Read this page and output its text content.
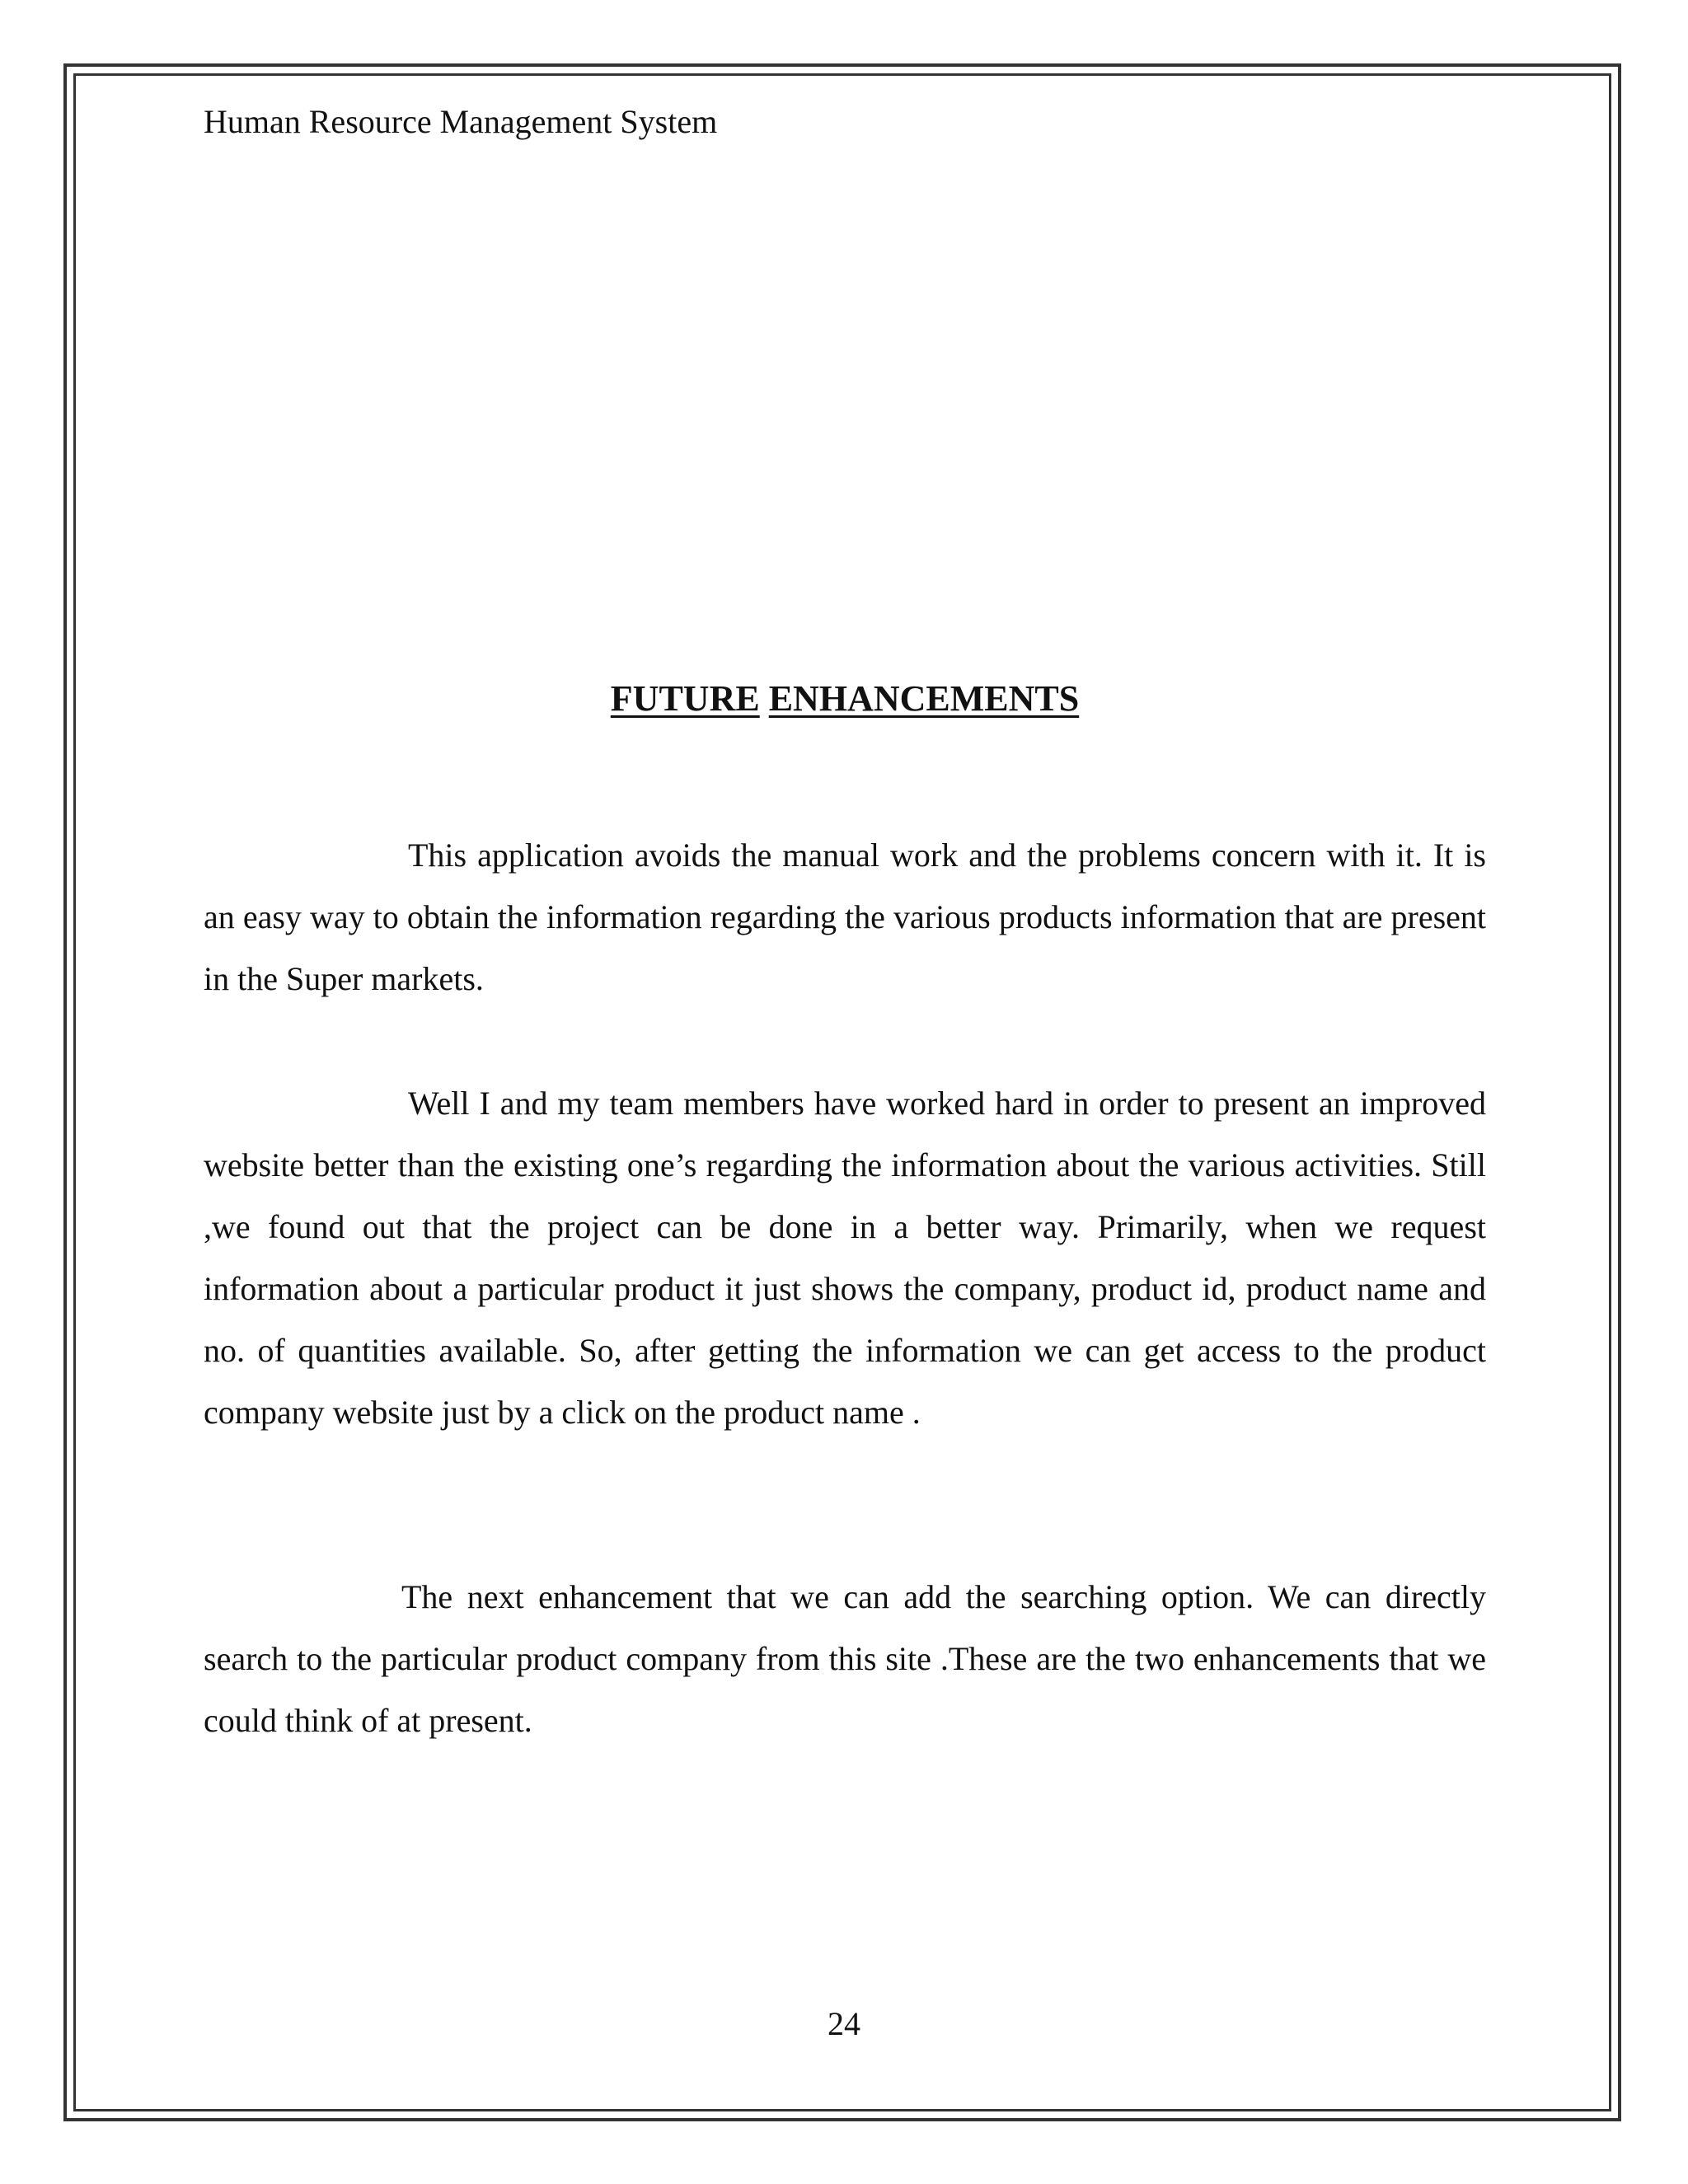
Human Resource Management System
FUTURE ENHANCEMENTS

This application avoids the manual work and the problems concern with it. It is an easy way to obtain the information regarding the various products information that are present in the Super markets.

Well I and my team members have worked hard in order to present an improved website better than the existing one’s regarding the information about the various activities. Still ,we found out that the project can be done in a better way. Primarily, when we request information about a particular product it just shows the company, product id, product name and no. of quantities available. So, after getting the information we can get access to the product company website just by a click on the product name .

The next enhancement that we can add the searching option. We can directly search to the particular product company from this site .These are the two enhancements that we could think of at present.

24
